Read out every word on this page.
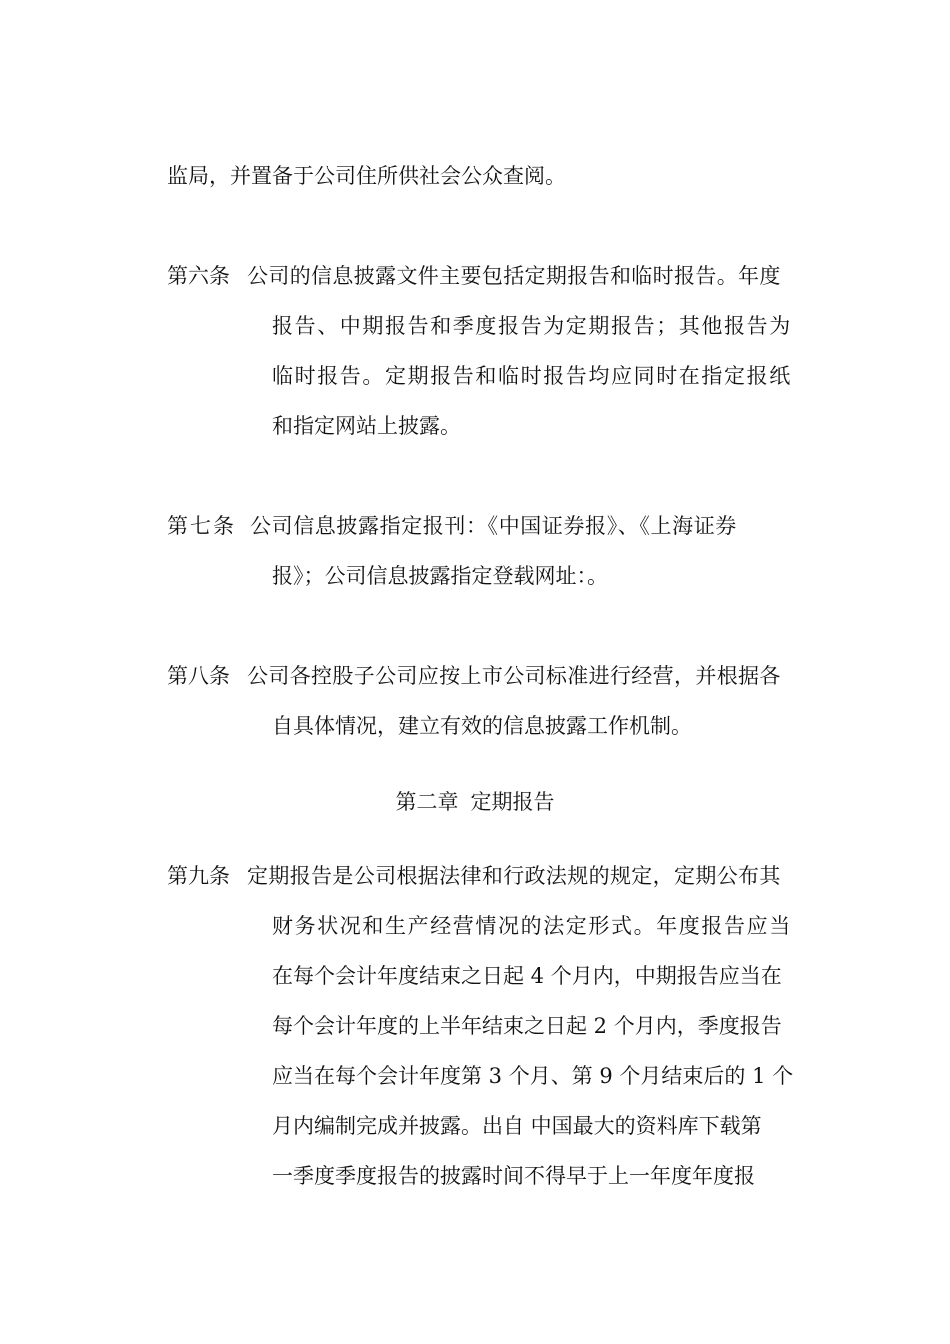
监局，并置备于公司住所供社会公众查阅。
第六条 公司的信息披露文件主要包括定期报告和临时报告。年度
报告、中期报告和季度报告为定期报告；其他报告为
临时报告。定期报告和临时报告均应同时在指定报纸
和指定网站上披露。
第七条 公司信息披露指定报刊：《中国证券报》、《上海证券
报》；公司信息披露指定登载网址：。
第八条 公司各控股子公司应按上市公司标准进行经营，并根据各
自具体情况，建立有效的信息披露工作机制。
第二章 定期报告
第九条 定期报告是公司根据法律和行政法规的规定，定期公布其
财务状况和生产经营情况的法定形式。年度报告应当
在每个会计年度结束之日起 4 个月内，中期报告应当在
每个会计年度的上半年结束之日起 2 个月内，季度报告
应当在每个会计年度第 3 个月、第 9 个月结束后的 1 个
月内编制完成并披露。出自 中国最大的资料库下载第
一季度季度报告的披露时间不得早于上一年度年度报
